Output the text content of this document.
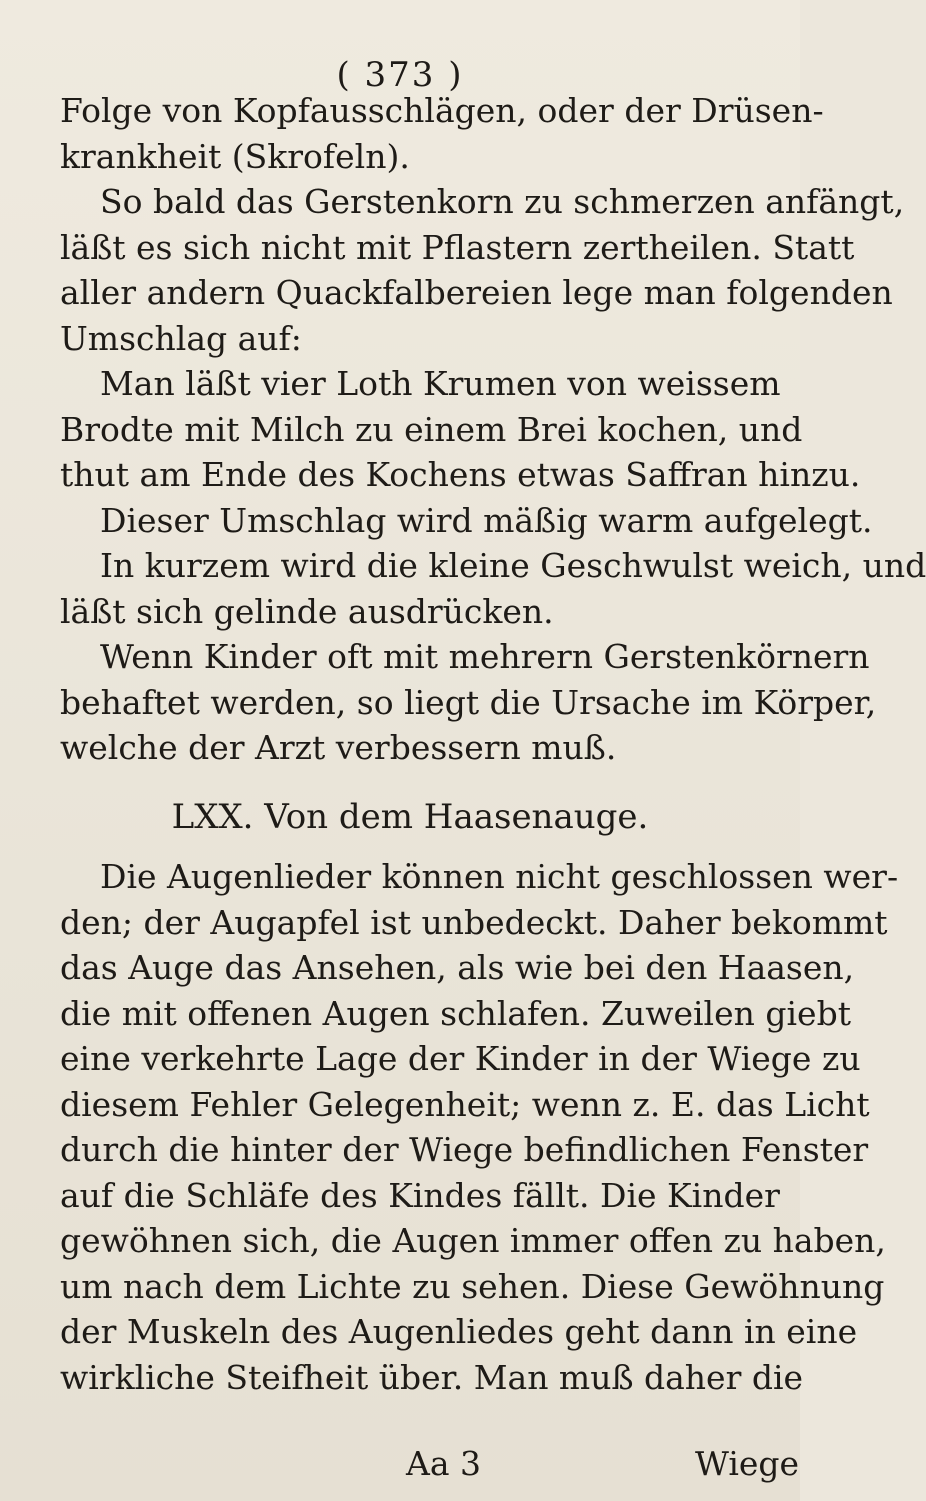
( 373 )
Folge von Kopfausschlägen, oder der Drüsen-
krankheit (Skrofeln).
So bald das Gerstenkorn zu schmerzen anfängt,
läßt es sich nicht mit Pflastern zertheilen. Statt
aller andern Quackfalbereien lege man folgenden
Umschlag auf:
Man läßt vier Loth Krumen von weissem
Brodte mit Milch zu einem Brei kochen, und
thut am Ende des Kochens etwas Saffran hinzu.
Dieser Umschlag wird mäßig warm aufgelegt.
In kurzem wird die kleine Geschwulst weich, und
läßt sich gelinde ausdrücken.
Wenn Kinder oft mit mehrern Gerstenkörnern
behaftet werden, so liegt die Ursache im Körper,
welche der Arzt verbessern muß.
LXX. Von dem Haasenauge.
Die Augenlieder können nicht geschlossen wer-
den; der Augapfel ist unbedeckt. Daher bekommt
das Auge das Ansehen, als wie bei den Haasen,
die mit offenen Augen schlafen. Zuweilen giebt
eine verkehrte Lage der Kinder in der Wiege zu
diesem Fehler Gelegenheit; wenn z. E. das Licht
durch die hinter der Wiege befindlichen Fenster
auf die Schläfe des Kindes fällt. Die Kinder
gewöhnen sich, die Augen immer offen zu haben,
um nach dem Lichte zu sehen. Diese Gewöhnung
der Muskeln des Augenliedes geht dann in eine
wirkliche Steifheit über. Man muß daher die
Aa 3	Wiege
